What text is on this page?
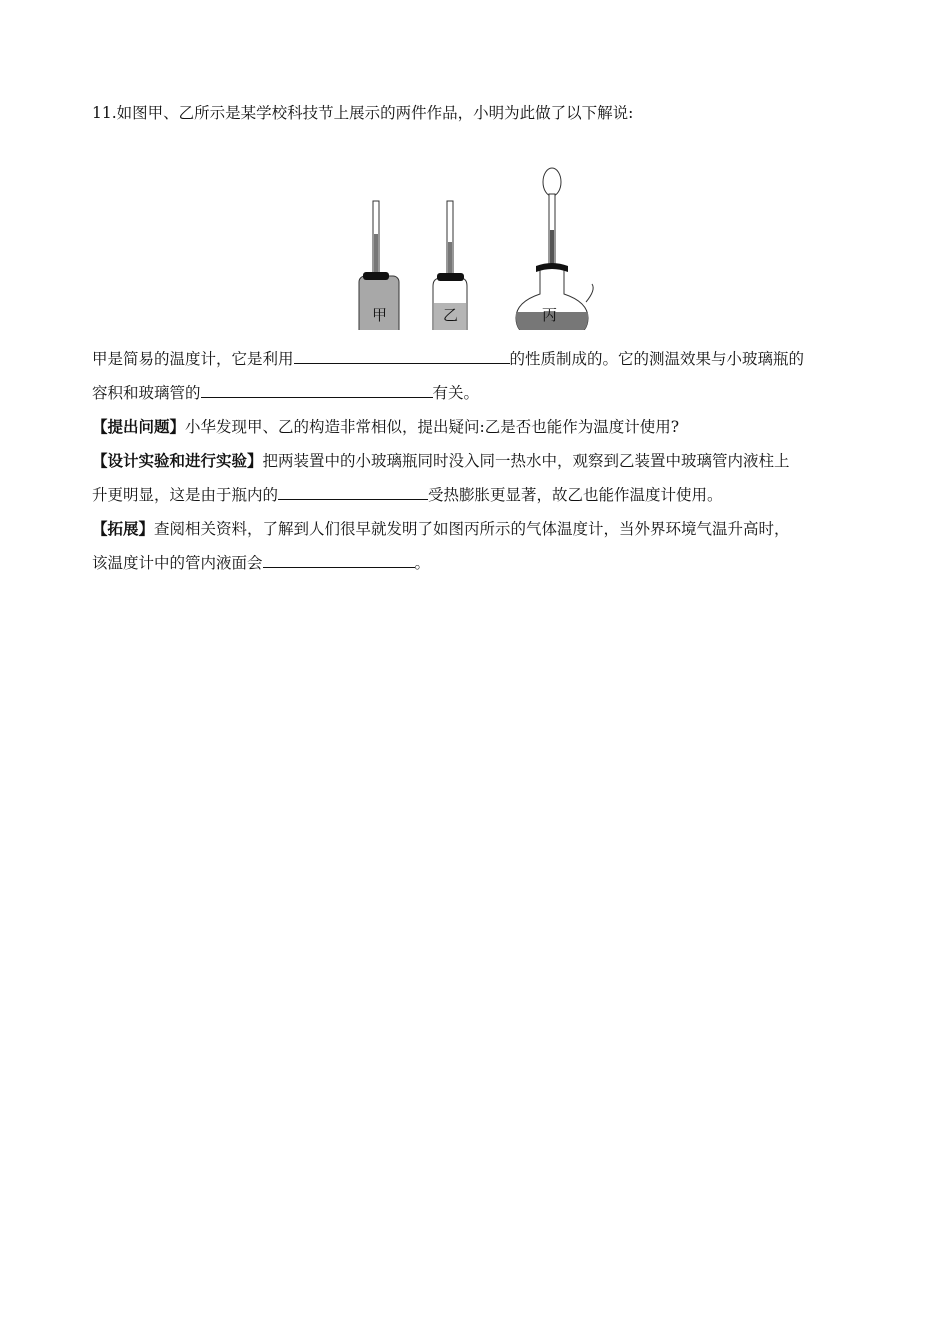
11.如图甲、乙所示是某学校科技节上展示的两件作品，小明为此做了以下解说:
甲	乙	丙
甲是简易的温度计，它是利用	的性质制成的。它的测温效果与小玻璃瓶的
容积和玻璃管的	有关。
【提出问题】小华发现甲、乙的构造非常相似，提出疑问:乙是否也能作为温度计使用?
【设计实验和进行实验】把两装置中的小玻璃瓶同时没入同一热水中，观察到乙装置中玻璃管内液柱上
升更明显，这是由于瓶内的	受热膨胀更显著，故乙也能作温度计使用。
【拓展】查阅相关资料，了解到人们很早就发明了如图丙所示的气体温度计，当外界环境气温升高时，
该温度计中的管内液面会	。
